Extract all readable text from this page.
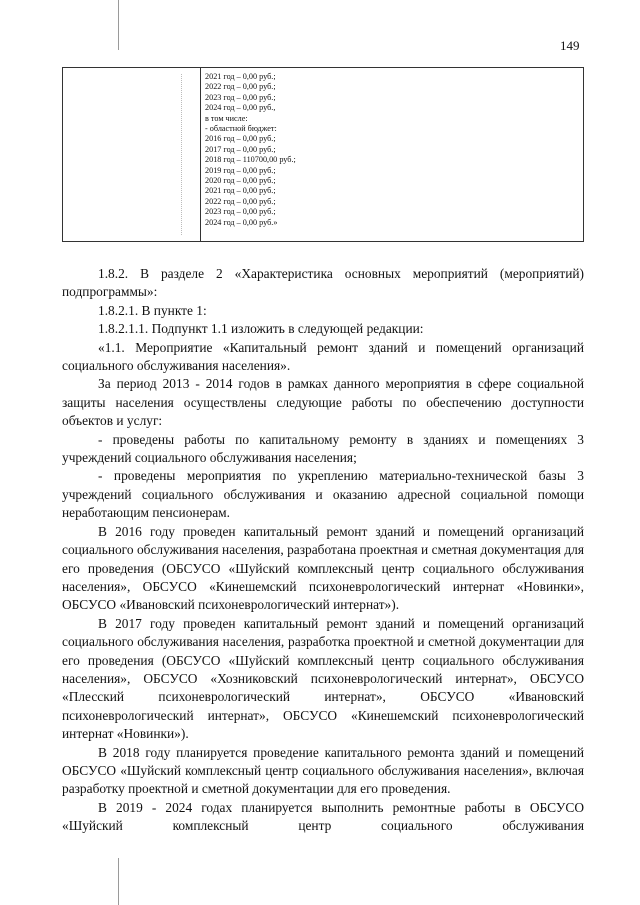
149
2021 год – 0,00 руб.;
2022 год – 0,00 руб.;
2023 год – 0,00 руб.;
2024 год – 0,00 руб.,
в том числе:
- областной бюджет:
2016 год – 0,00 руб.;
2017 год – 0,00 руб.;
2018 год – 110700,00 руб.;
2019 год – 0,00 руб.;
2020 год – 0,00 руб.;
2021 год – 0,00 руб.;
2022 год – 0,00 руб.;
2023 год – 0,00 руб.;
2024 год – 0,00 руб.»

1.8.2. В разделе 2 «Характеристика основных мероприятий (мероприятий) подпрограммы»:

1.8.2.1. В пункте 1:

1.8.2.1.1. Подпункт 1.1 изложить в следующей редакции:

«1.1. Мероприятие «Капитальный ремонт зданий и помещений организаций социального обслуживания населения».

За период 2013 - 2014 годов в рамках данного мероприятия в сфере социальной защиты населения осуществлены следующие работы по обеспечению доступности объектов и услуг:

- проведены работы по капитальному ремонту в зданиях и помещениях 3 учреждений социального обслуживания населения;

- проведены мероприятия по укреплению материально-технической базы 3 учреждений социального обслуживания и оказанию адресной социальной помощи неработающим пенсионерам.

В 2016 году проведен капитальный ремонт зданий и помещений организаций социального обслуживания населения, разработана проектная и сметная документация для его проведения (ОБСУСО «Шуйский комплексный центр социального обслуживания населения», ОБСУСО «Кинешемский психоневрологический интернат «Новинки», ОБСУСО «Ивановский психоневрологический интернат»).

В 2017 году проведен капитальный ремонт зданий и помещений организаций социального обслуживания населения, разработка проектной и сметной документации для его проведения (ОБСУСО «Шуйский комплексный центр социального обслуживания населения», ОБСУСО «Хозниковский психоневрологический интернат», ОБСУСО «Плесский психоневрологический интернат», ОБСУСО «Ивановский психоневрологический интернат», ОБСУСО «Кинешемский психоневрологический интернат «Новинки»).

В 2018 году планируется проведение капитального ремонта зданий и помещений ОБСУСО «Шуйский комплексный центр социального обслуживания населения», включая разработку проектной и сметной документации для его проведения.

В 2019 - 2024 годах планируется выполнить ремонтные работы в ОБСУСО «Шуйский комплексный центр социального обслуживания
